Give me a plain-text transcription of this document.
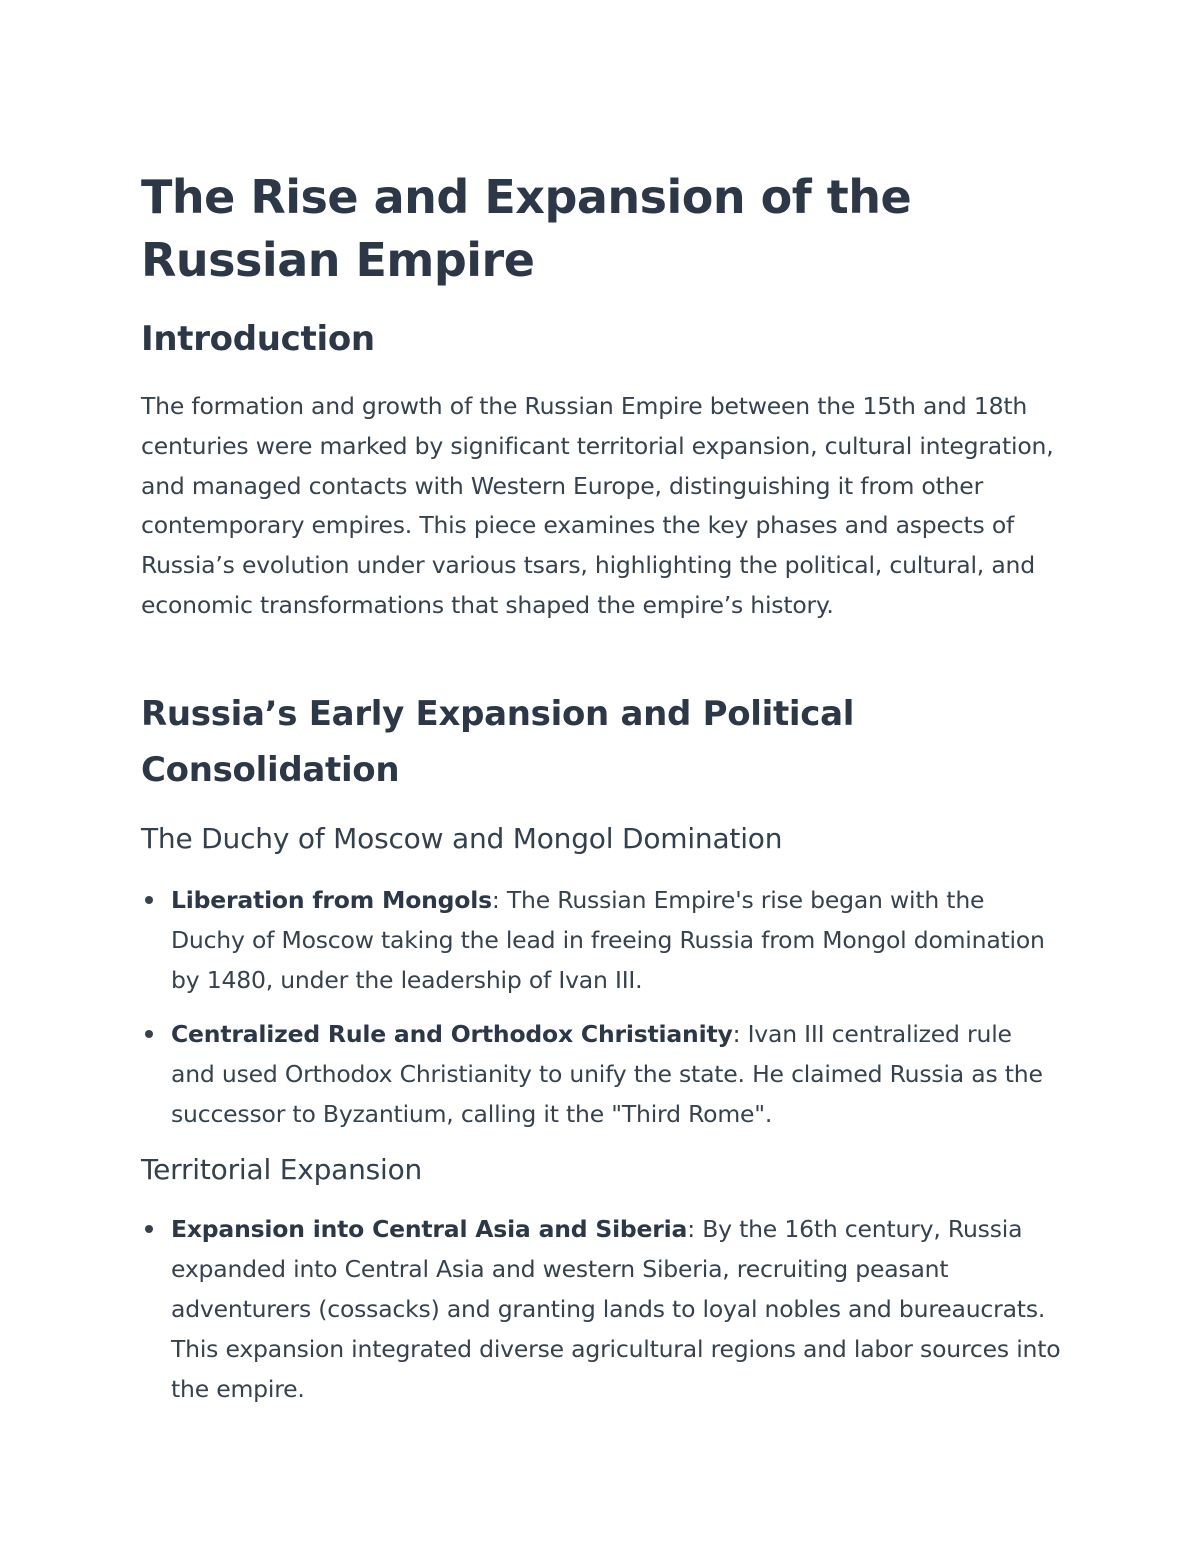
The Rise and Expansion of the Russian Empire
Introduction

The formation and growth of the Russian Empire between the 15th and 18th centuries were marked by significant territorial expansion, cultural integration, and managed contacts with Western Europe, distinguishing it from other contemporary empires. This piece examines the key phases and aspects of Russia’s evolution under various tsars, highlighting the political, cultural, and economic transformations that shaped the empire’s history.

Russia’s Early Expansion and Political Consolidation
The Duchy of Moscow and Mongol Domination
Liberation from Mongols: The Russian Empire's rise began with the Duchy of Moscow taking the lead in freeing Russia from Mongol domination by 1480, under the leadership of Ivan III.
Centralized Rule and Orthodox Christianity: Ivan III centralized rule and used Orthodox Christianity to unify the state. He claimed Russia as the successor to Byzantium, calling it the "Third Rome".
Territorial Expansion
Expansion into Central Asia and Siberia: By the 16th century, Russia expanded into Central Asia and western Siberia, recruiting peasant adventurers (cossacks) and granting lands to loyal nobles and bureaucrats. This expansion integrated diverse agricultural regions and labor sources into the empire.
